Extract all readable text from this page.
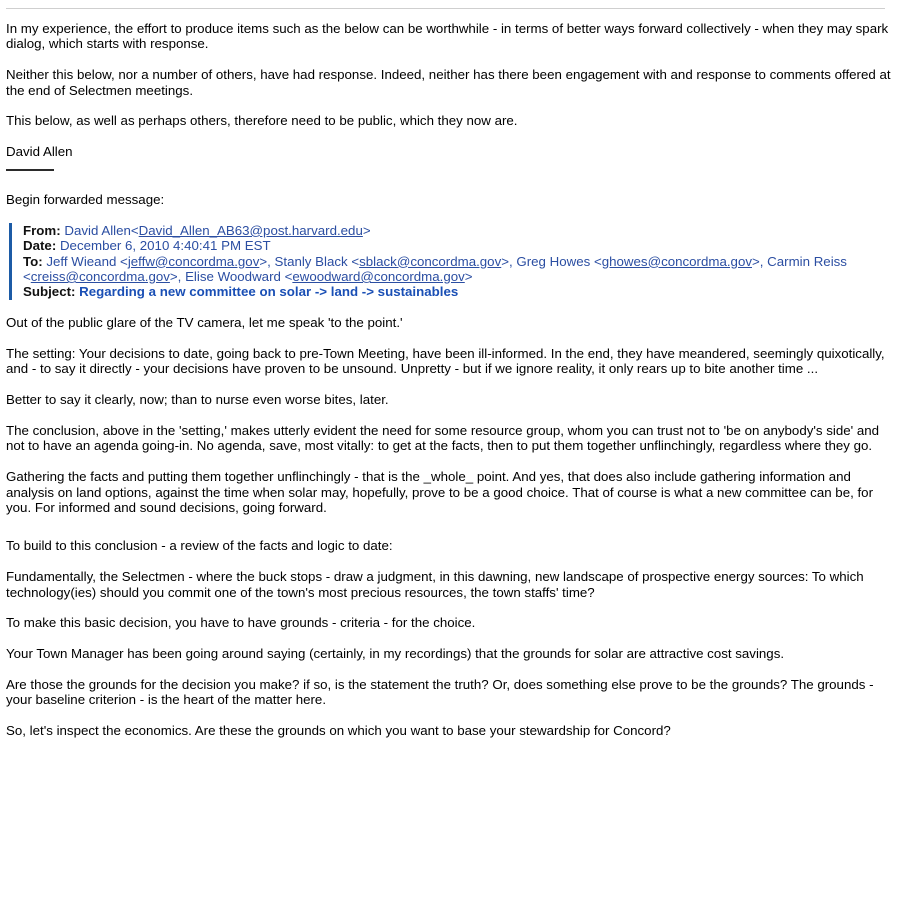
In my experience, the effort to produce items such as the below can be worthwhile - in terms of better ways forward collectively - when they may spark dialog, which starts with response.

Neither this below, nor a number of others, have had response. Indeed, neither has there been engagement with and response to comments offered at the end of Selectmen meetings.

This below, as well as perhaps others, therefore need to be public, which they now are.

David Allen

Begin forwarded message:

From: David Allen<David_Allen_AB63@post.harvard.edu>
Date: December 6, 2010 4:40:41 PM EST
To: Jeff Wieand <jeffw@concordma.gov>, Stanly Black <sblack@concordma.gov>, Greg Howes <ghowes@concordma.gov>, Carmin Reiss <creiss@concordma.gov>, Elise Woodward <ewoodward@concordma.gov>
Subject: Regarding a new committee on solar -> land -> sustainables

Out of the public glare of the TV camera, let me speak 'to the point.'

The setting: Your decisions to date, going back to pre-Town Meeting, have been ill-informed. In the end, they have meandered, seemingly quixotically, and - to say it directly - your decisions have proven to be unsound. Unpretty - but if we ignore reality, it only rears up to bite another time ...

Better to say it clearly, now; than to nurse even worse bites, later.

The conclusion, above in the 'setting,' makes utterly evident the need for some resource group, whom you can trust not to 'be on anybody's side' and not to have an agenda going-in. No agenda, save, most vitally: to get at the facts, then to put them together unflinchingly, regardless where they go.

Gathering the facts and putting them together unflinchingly - that is the _whole_ point. And yes, that does also include gathering information and analysis on land options, against the time when solar may, hopefully, prove to be a good choice. That of course is what a new committee can be, for you. For informed and sound decisions, going forward.

To build to this conclusion - a review of the facts and logic to date:

Fundamentally, the Selectmen - where the buck stops - draw a judgment, in this dawning, new landscape of prospective energy sources: To which technology(ies) should you commit one of the town's most precious resources, the town staffs' time?

To make this basic decision, you have to have grounds - criteria - for the choice.

Your Town Manager has been going around saying (certainly, in my recordings) that the grounds for solar are attractive cost savings.

Are those the grounds for the decision you make? if so, is the statement the truth? Or, does something else prove to be the grounds? The grounds - your baseline criterion - is the heart of the matter here.

So, let's inspect the economics. Are these the grounds on which you want to base your stewardship for Concord?
